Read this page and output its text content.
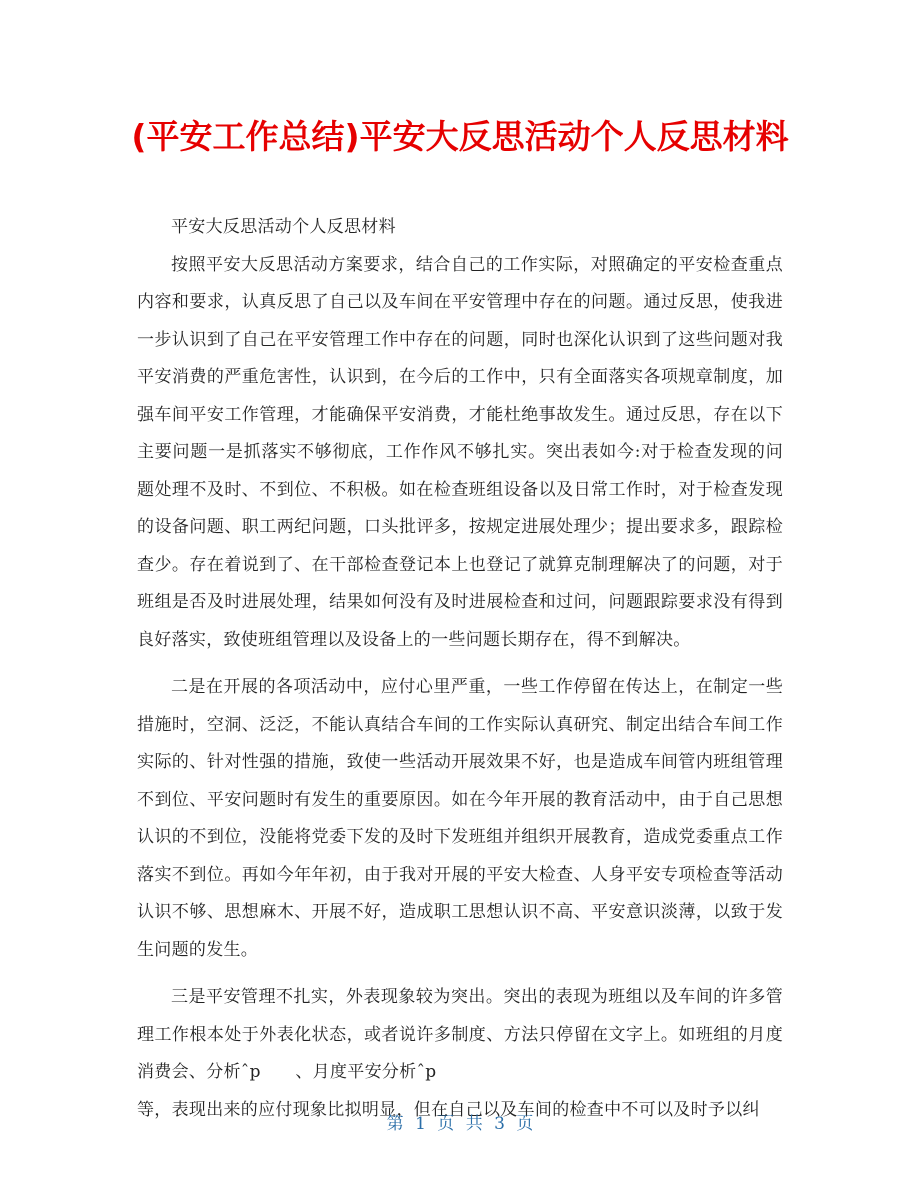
(平安工作总结)平安大反思活动个人反思材料

平安大反思活动个人反思材料

按照平安大反思活动方案要求，结合自己的工作实际，对照确定的平安检查重点内容和要求，认真反思了自己以及车间在平安管理中存在的问题。通过反思，使我进一步认识到了自己在平安管理工作中存在的问题，同时也深化认识到了这些问题对我平安消费的严重危害性，认识到，在今后的工作中，只有全面落实各项规章制度，加强车间平安工作管理，才能确保平安消费，才能杜绝事故发生。通过反思，存在以下主要问题一是抓落实不够彻底，工作作风不够扎实。突出表如今:对于检查发现的问题处理不及时、不到位、不积极。如在检查班组设备以及日常工作时，对于检查发现的设备问题、职工两纪问题，口头批评多，按规定进展处理少；提出要求多，跟踪检查少。存在着说到了、在干部检查登记本上也登记了就算克制理解决了的问题，对于班组是否及时进展处理，结果如何没有及时进展检查和过问，问题跟踪要求没有得到良好落实，致使班组管理以及设备上的一些问题长期存在，得不到解决。

二是在开展的各项活动中，应付心里严重，一些工作停留在传达上，在制定一些措施时，空洞、泛泛，不能认真结合车间的工作实际认真研究、制定出结合车间工作实际的、针对性强的措施，致使一些活动开展效果不好，也是造成车间管内班组管理不到位、平安问题时有发生的重要原因。如在今年开展的教育活动中，由于自己思想认识的不到位，没能将党委下发的及时下发班组并组织开展教育，造成党委重点工作落实不到位。再如今年年初，由于我对开展的平安大检查、人身平安专项检查等活动认识不够、思想麻木、开展不好，造成职工思想认识不高、平安意识淡薄，以致于发生问题的发生。

三是平安管理不扎实，外表现象较为突出。突出的表现为班组以及车间的许多管理工作根本处于外表化状态，或者说许多制度、方法只停留在文字上。如班组的月度消费会、分析ˆp　　、月度平安分析ˆp

等，表现出来的应付现象比拟明显，但在自己以及车间的检查中不可以及时予以纠

第 1 页 共 3 页
